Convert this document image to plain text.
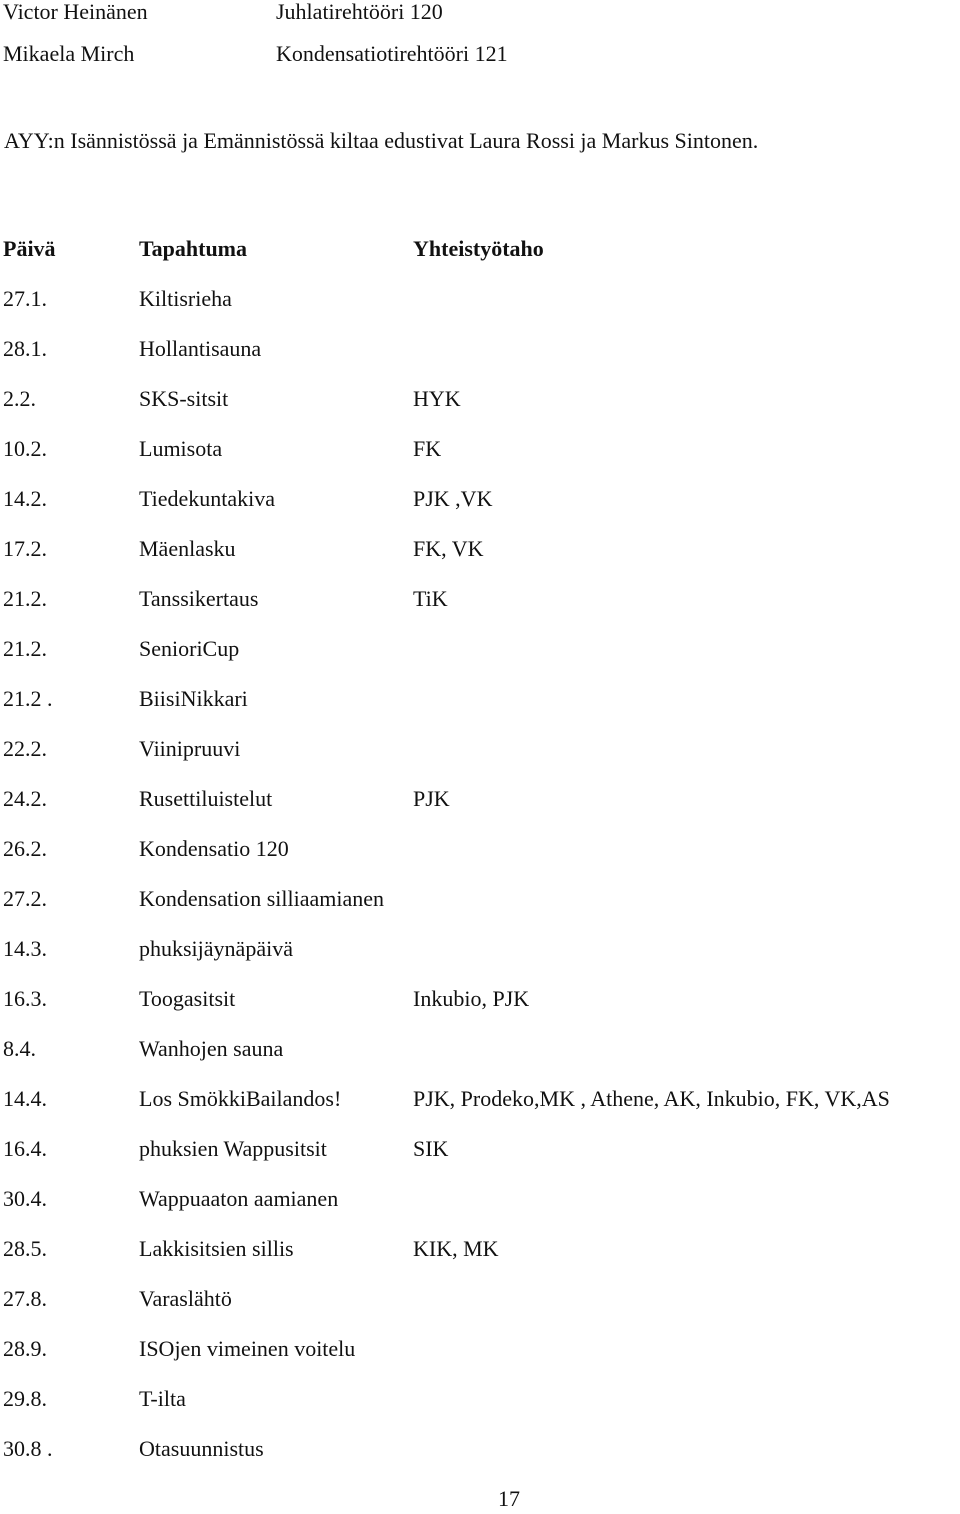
Victor Heinänen	Juhlatirehtööri 120
Mikaela Mirch	Kondensatiotirehtööri 121
AYY:n Isännistössä ja Emännistössä kiltaa edustivat Laura Rossi ja Markus Sintonen.
Päivä	Tapahtuma	Yhteistyötaho
27.1.	Kiltisrieha
28.1.	Hollantisauna
2.2.	SKS-sitsit	HYK
10.2.	Lumisota	FK
14.2.	Tiedekuntakiva	PJK ,VK
17.2.	Mäenlasku	FK, VK
21.2.	Tanssikertaus	TiK
21.2.	SenioriCup
21.2 .	BiisiNikkari
22.2.	Viinipruuvi
24.2.	Rusettiluistelut	PJK
26.2.	Kondensatio 120
27.2.	Kondensation silliaamianen
14.3.	phuksijäynäpäivä
16.3.	Toogasitsit	Inkubio, PJK
8.4.	Wanhojen sauna
14.4.	Los SmökkiBailandos!	PJK, Prodeko,MK , Athene, AK, Inkubio, FK, VK,AS
16.4.	phuksien Wappusitsit	SIK
30.4.	Wappuaaton aamianen
28.5.	Lakkisitsien sillis	KIK, MK
27.8.	Varaslähtö
28.9.	ISOjen vimeinen voitelu
29.8.	T-ilta
30.8 .	Otasuunnistus
17
